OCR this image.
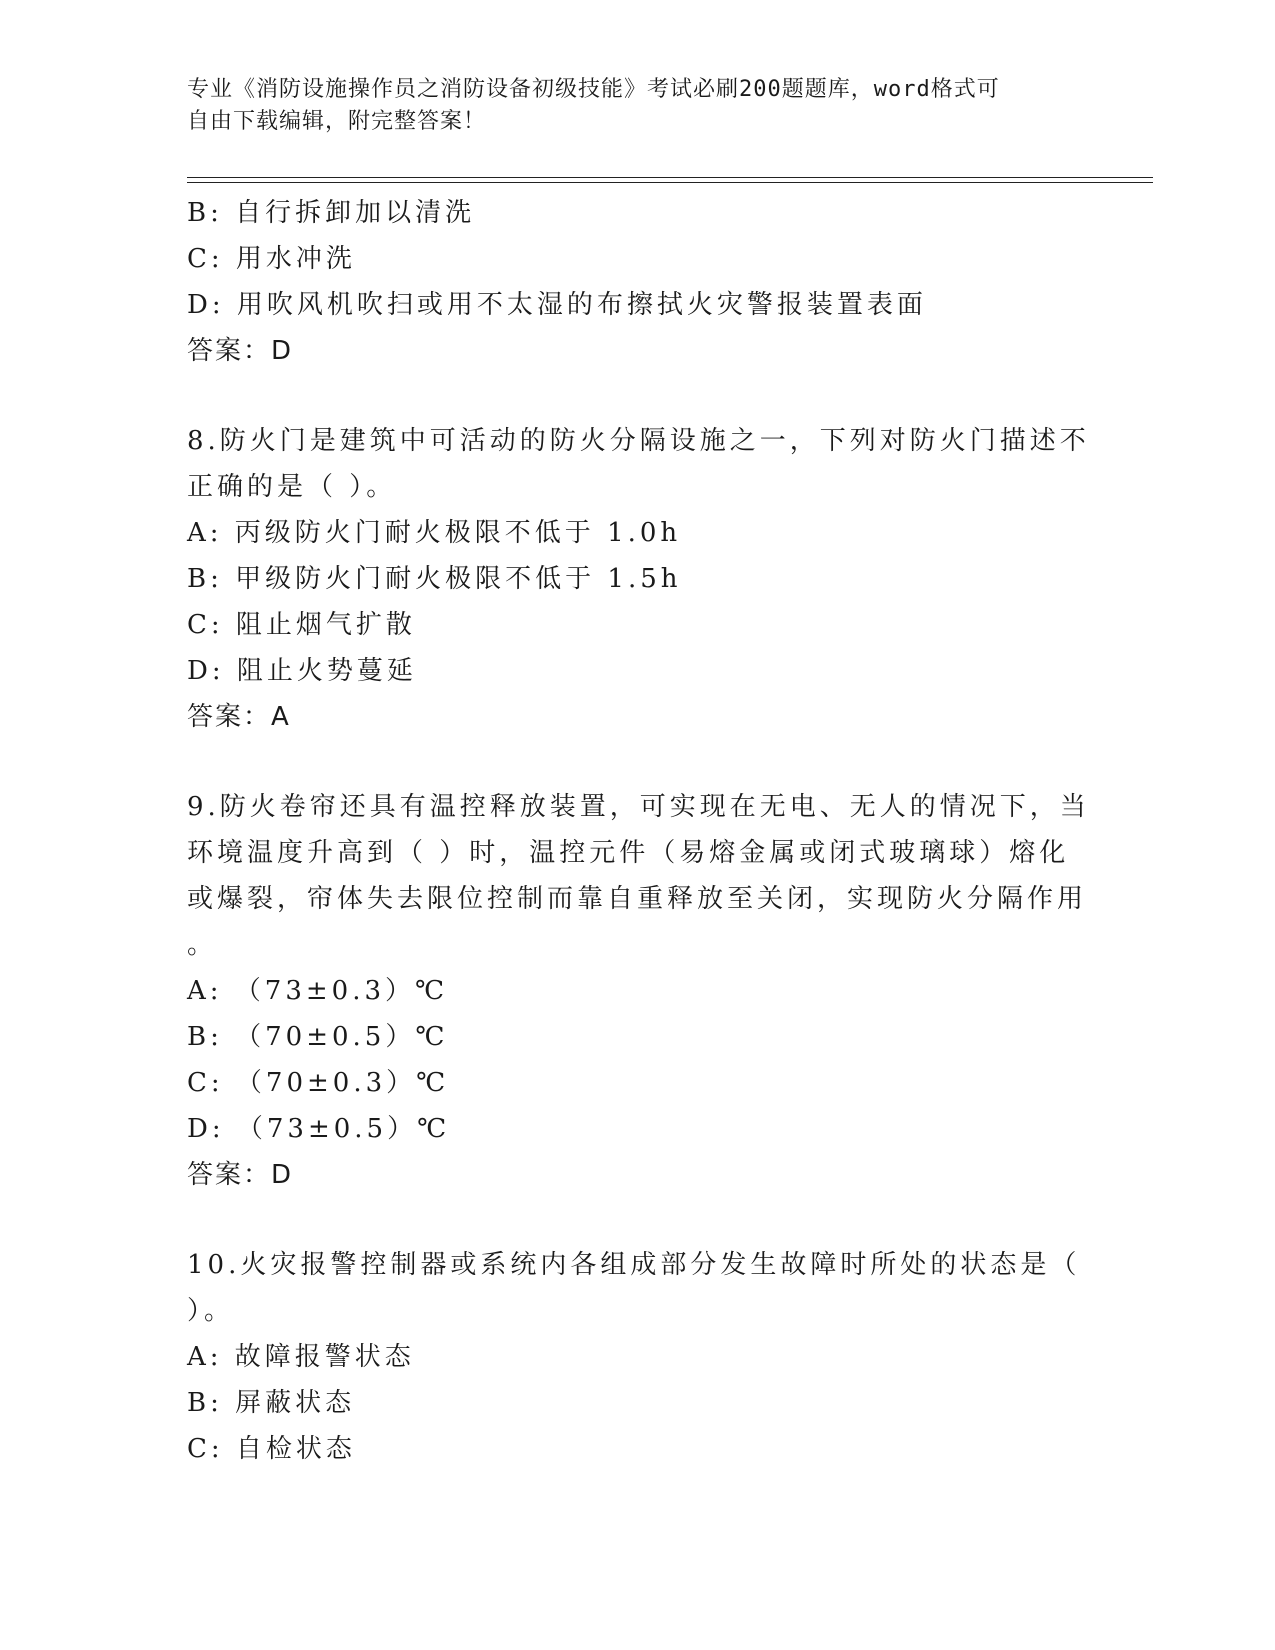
专业《消防设施操作员之消防设备初级技能》考试必刷200题题库，word格式可
自由下载编辑，附完整答案！
B: 自行拆卸加以清洗
C: 用水冲洗
D: 用吹风机吹扫或用不太湿的布擦拭火灾警报装置表面
答案：D
8.防火门是建筑中可活动的防火分隔设施之一，下列对防火门描述不
正确的是（ ）。
A: 丙级防火门耐火极限不低于 1.0h
B: 甲级防火门耐火极限不低于 1.5h
C: 阻止烟气扩散
D: 阻止火势蔓延
答案：A
9.防火卷帘还具有温控释放装置，可实现在无电、无人的情况下，当
环境温度升高到（ ）时，温控元件（易熔金属或闭式玻璃球）熔化
或爆裂，帘体失去限位控制而靠自重释放至关闭，实现防火分隔作用
。
A: （73±0.3）℃
B: （70±0.5）℃
C: （70±0.3）℃
D: （73±0.5）℃
答案：D
10.火灾报警控制器或系统内各组成部分发生故障时所处的状态是（
）。
A: 故障报警状态
B: 屏蔽状态
C: 自检状态
